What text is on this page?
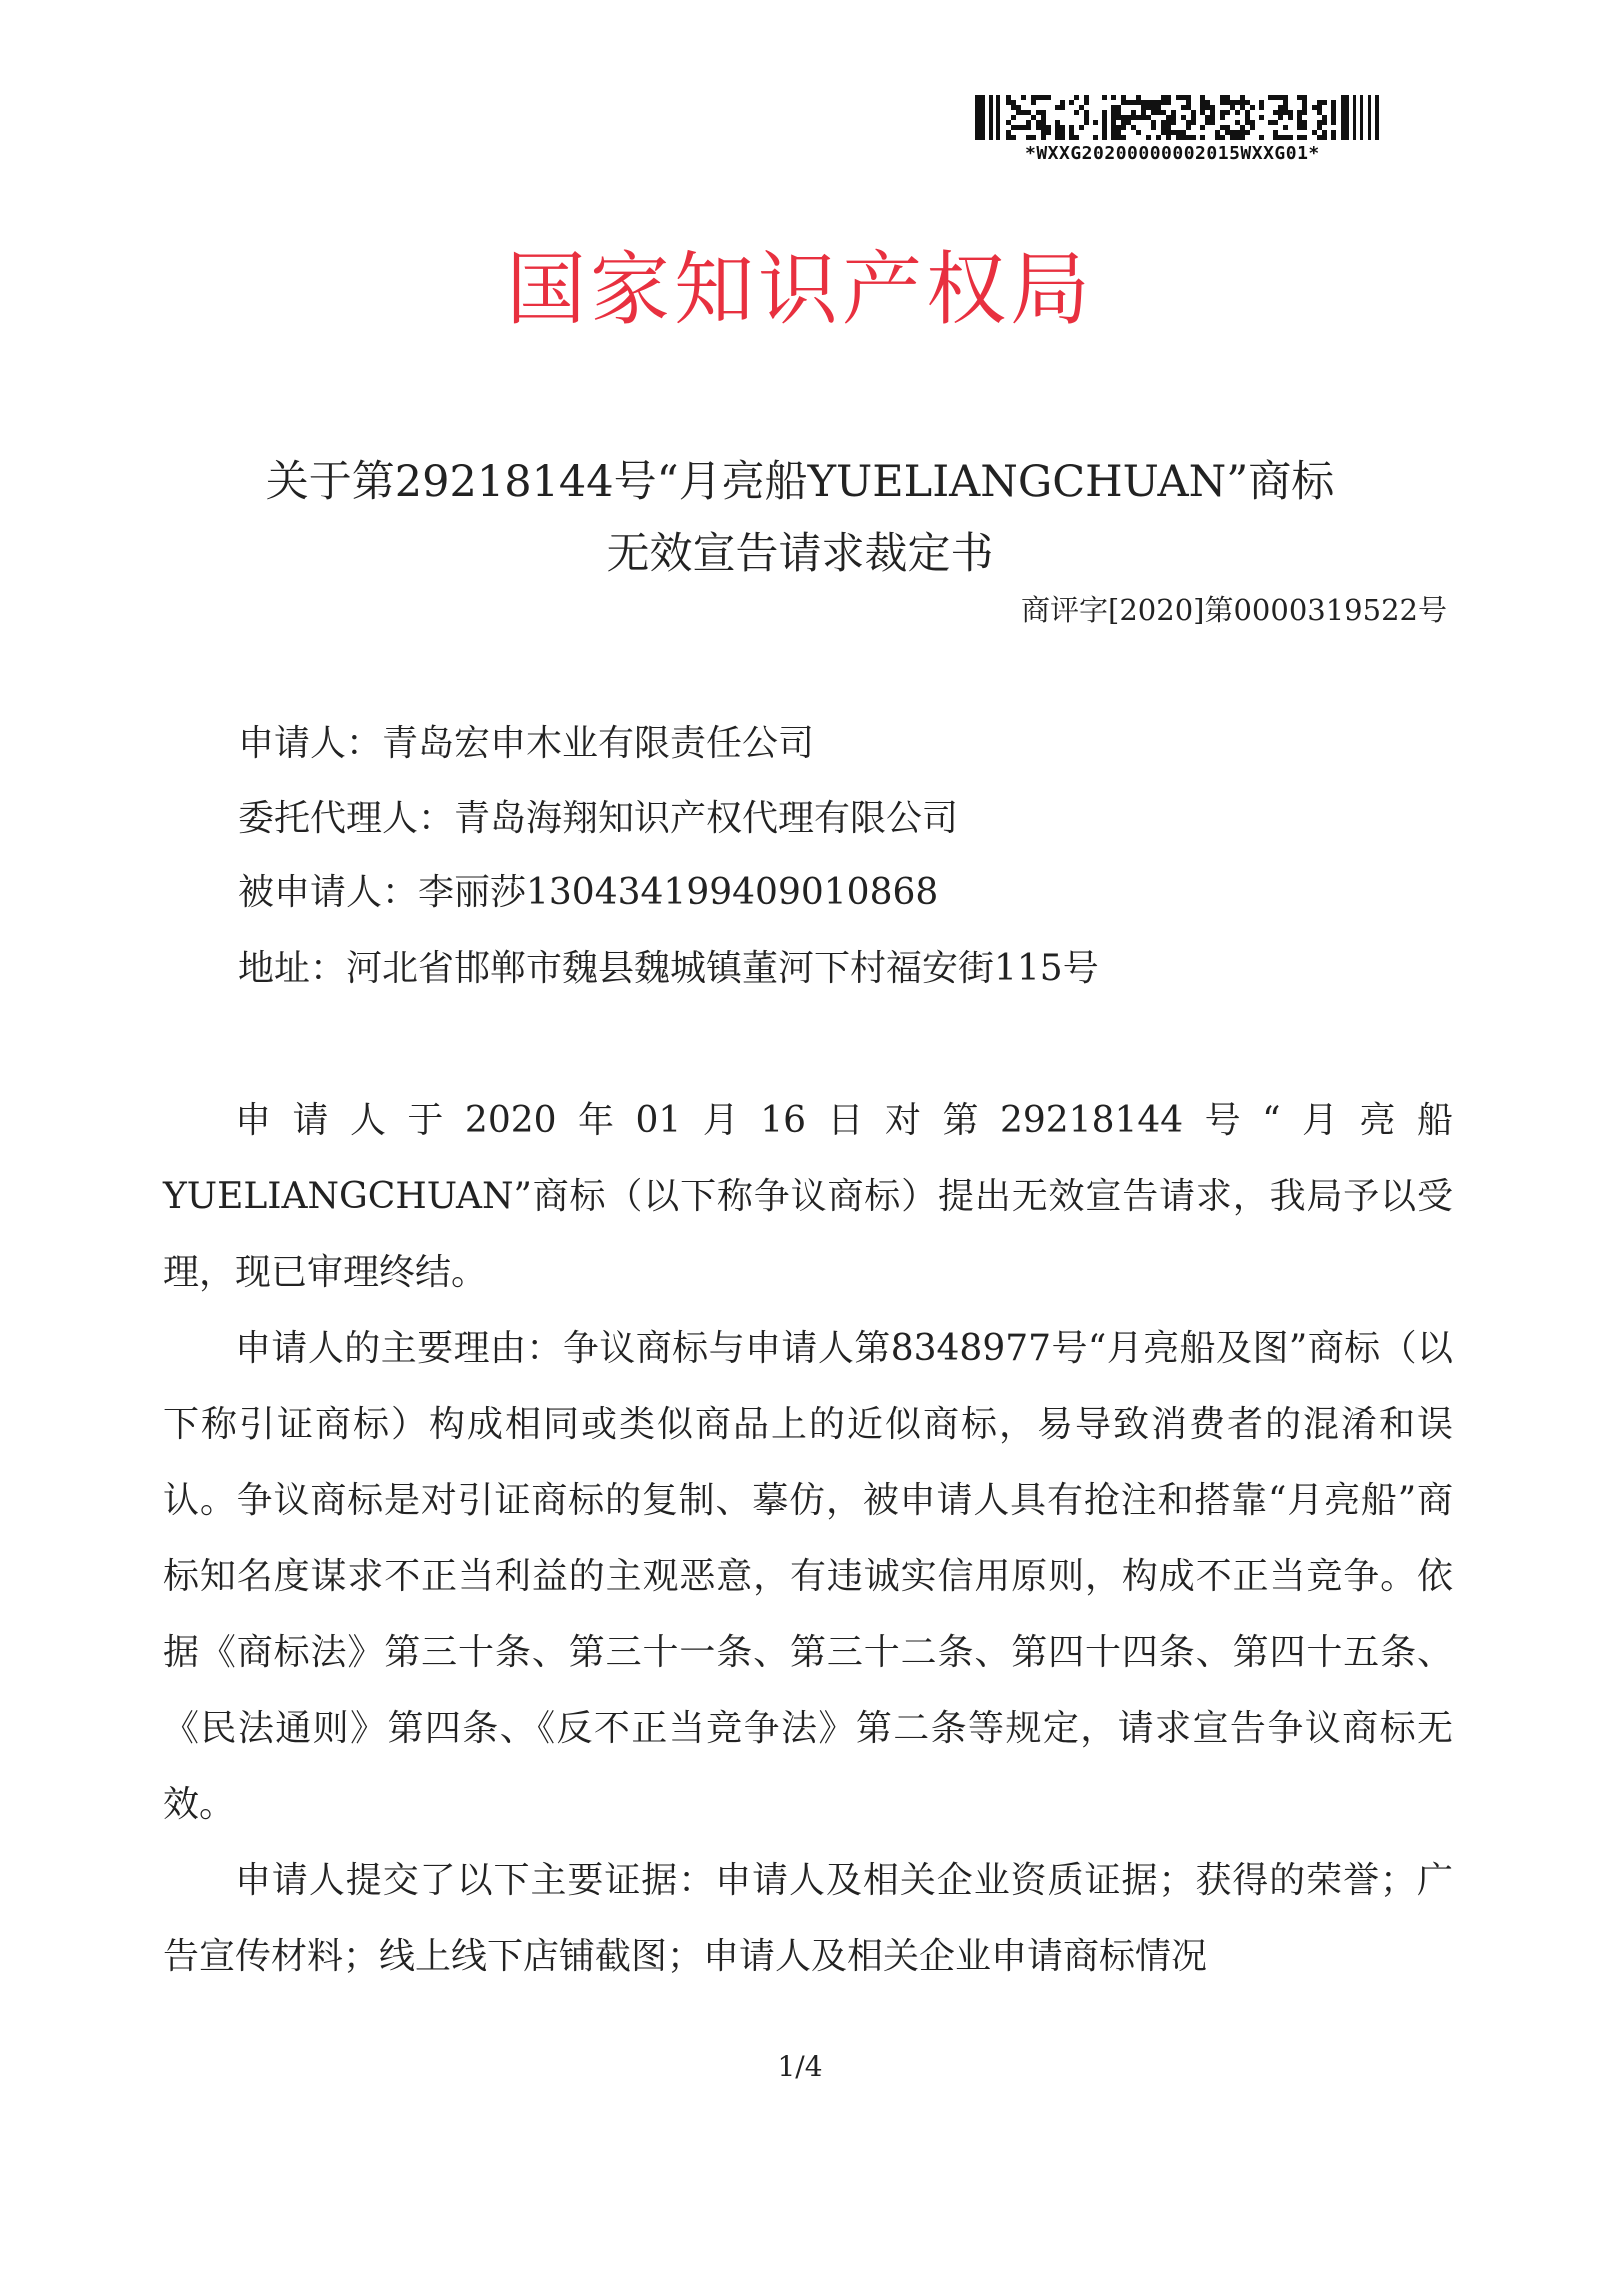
*WXXG20200000002015WXXG01*
国家知识产权局
关于第29218144号“月亮船YUELIANGCHUAN”商标
无效宣告请求裁定书
商评字[2020]第0000319522号
申请人：青岛宏申木业有限责任公司
委托代理人：青岛海翔知识产权代理有限公司
被申请人：李丽莎130434199409010868
地址：河北省邯郸市魏县魏城镇董河下村福安街115号

申请人于2020年01月16日对第29218144号“月亮船YUELIANGCHUAN”商标（以下称争议商标）提出无效宣告请求，我局予以受理，现已审理终结。

申请人的主要理由：争议商标与申请人第8348977号“月亮船及图”商标（以下称引证商标）构成相同或类似商品上的近似商标，易导致消费者的混淆和误认。争议商标是对引证商标的复制、摹仿，被申请人具有抢注和搭靠“月亮船”商标知名度谋求不正当利益的主观恶意，有违诚实信用原则，构成不正当竞争。依据《商标法》第三十条、第三十一条、第三十二条、第四十四条、第四十五条、《民法通则》第四条、《反不正当竞争法》第二条等规定，请求宣告争议商标无效。

申请人提交了以下主要证据：申请人及相关企业资质证据；获得的荣誉；广告宣传材料；线上线下店铺截图；申请人及相关企业申请商标情况

1/4
